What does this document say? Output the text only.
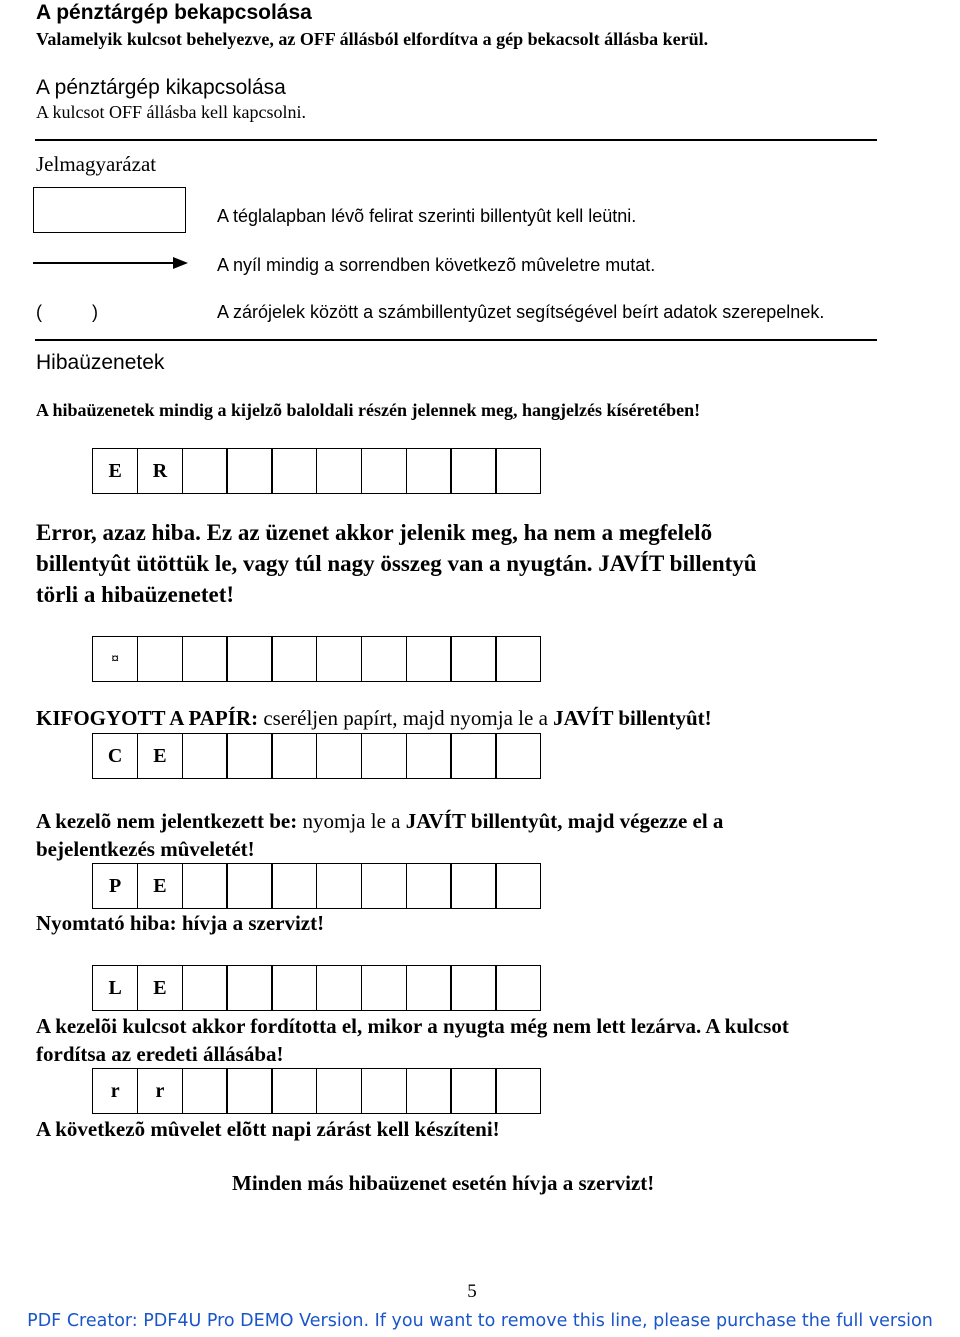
A pénztárgép bekapcsolása
Valamelyik kulcsot behelyezve, az OFF állásból elfordítva a gép bekacsolt állásba kerül.
A pénztárgép kikapcsolása
A kulcsot OFF állásba kell kapcsolni.
Jelmagyarázat
A téglalapban lévõ felirat szerinti billentyût kell leütni.
A nyíl mindig a sorrendben következõ mûveletre mutat.
(          )	A zárójelek között a számbillentyûzet segítségével beírt adatok szerepelnek.
Hibaüzenetek
A hibaüzenetek mindig a kijelzõ baloldali részén jelennek meg, hangjelzés kíséretében!
E	R
Error, azaz hiba. Ez az üzenet akkor jelenik meg, ha nem a megfelelõ
billentyût ütöttük le, vagy túl nagy összeg van a nyugtán. JAVÍT billentyû
törli a hibaüzenetet!
¤
KIFOGYOTT A PAPÍR: cseréljen papírt, majd nyomja le a JAVÍT billentyût!
C	E
A kezelõ nem jelentkezett be: nyomja le a JAVÍT billentyût, majd végezze el a
bejelentkezés mûveletét!
P	E
Nyomtató hiba: hívja a szervizt!
L	E
A kezelõi kulcsot akkor fordította el, mikor a nyugta még nem lett lezárva. A kulcsot
fordítsa az eredeti állásába!
r	r
A következõ mûvelet elõtt napi zárást kell készíteni!
Minden más hibaüzenet esetén hívja a szervizt!
5
PDF Creator: PDF4U Pro DEMO Version. If you want to remove this line, please purchase the full version
